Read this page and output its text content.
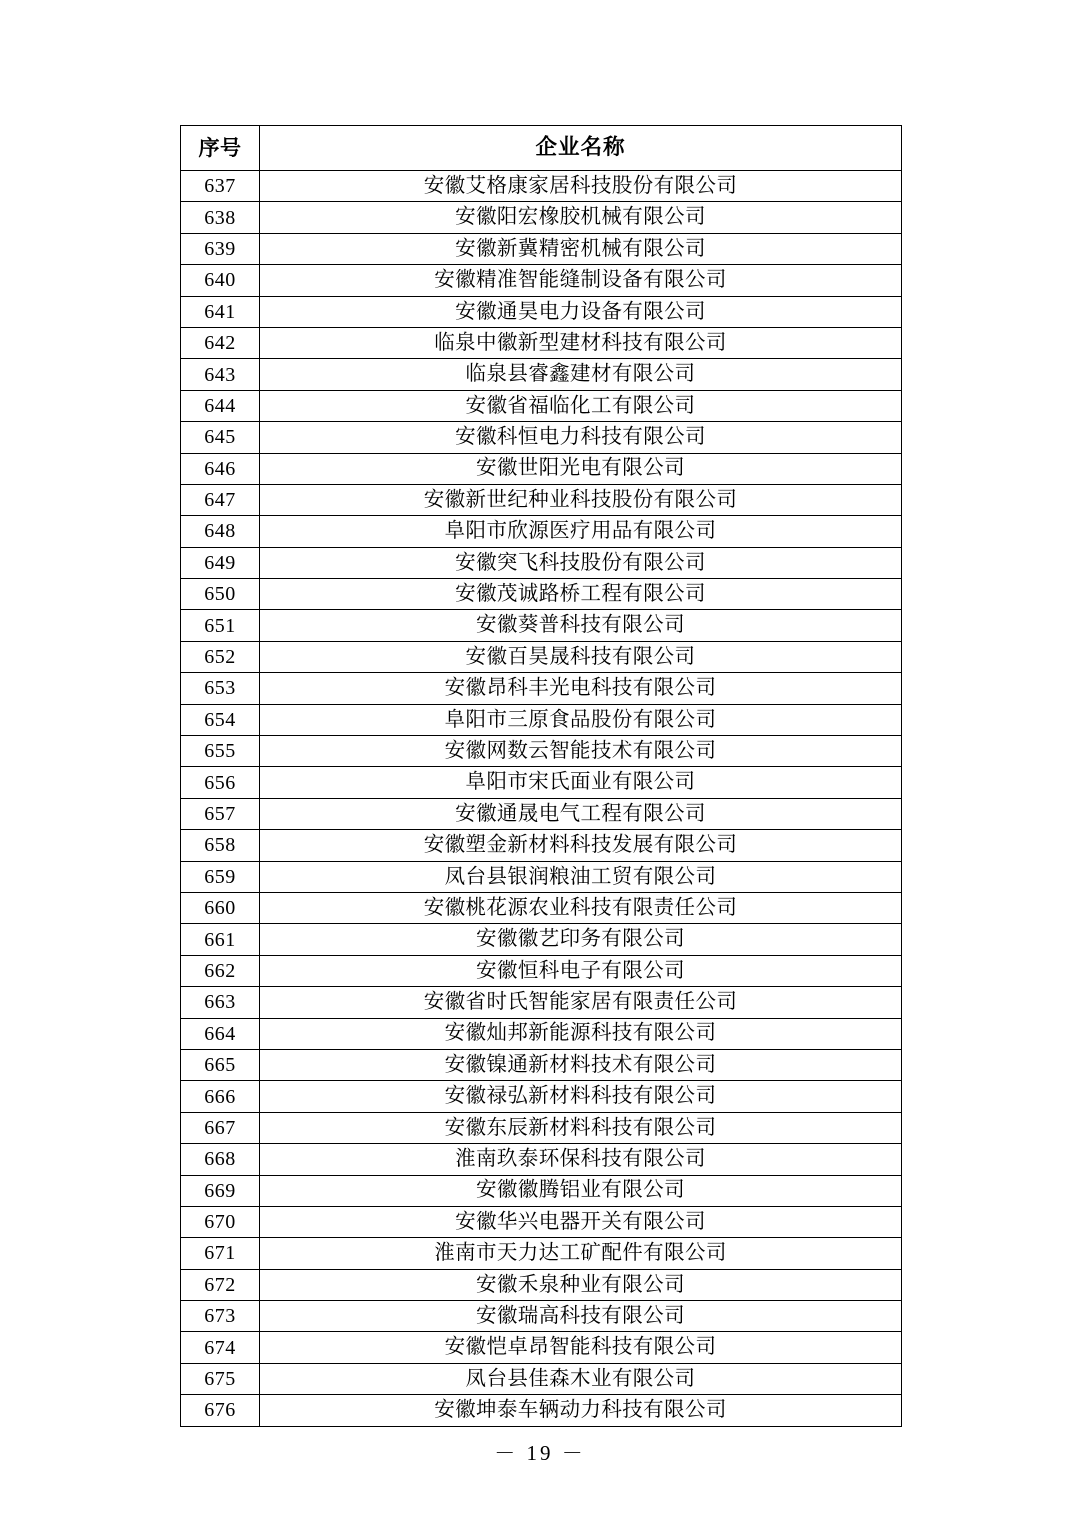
序号	企业名称
637	安徽艾格康家居科技股份有限公司
638	安徽阳宏橡胶机械有限公司
639	安徽新冀精密机械有限公司
640	安徽精准智能缝制设备有限公司
641	安徽通昊电力设备有限公司
642	临泉中徽新型建材科技有限公司
643	临泉县睿鑫建材有限公司
644	安徽省福临化工有限公司
645	安徽科恒电力科技有限公司
646	安徽世阳光电有限公司
647	安徽新世纪种业科技股份有限公司
648	阜阳市欣源医疗用品有限公司
649	安徽突飞科技股份有限公司
650	安徽茂诚路桥工程有限公司
651	安徽葵普科技有限公司
652	安徽百昊晟科技有限公司
653	安徽昂科丰光电科技有限公司
654	阜阳市三原食品股份有限公司
655	安徽网数云智能技术有限公司
656	阜阳市宋氏面业有限公司
657	安徽通晟电气工程有限公司
658	安徽塑金新材料科技发展有限公司
659	凤台县银润粮油工贸有限公司
660	安徽桃花源农业科技有限责任公司
661	安徽徽艺印务有限公司
662	安徽恒科电子有限公司
663	安徽省时氏智能家居有限责任公司
664	安徽灿邦新能源科技有限公司
665	安徽镍通新材料技术有限公司
666	安徽禄弘新材料科技有限公司
667	安徽东辰新材料科技有限公司
668	淮南玖泰环保科技有限公司
669	安徽徽腾铝业有限公司
670	安徽华兴电器开关有限公司
671	淮南市天力达工矿配件有限公司
672	安徽禾泉种业有限公司
673	安徽瑞高科技有限公司
674	安徽恺卓昂智能科技有限公司
675	凤台县佳森木业有限公司
676	安徽坤泰车辆动力科技有限公司
－ 19 －
